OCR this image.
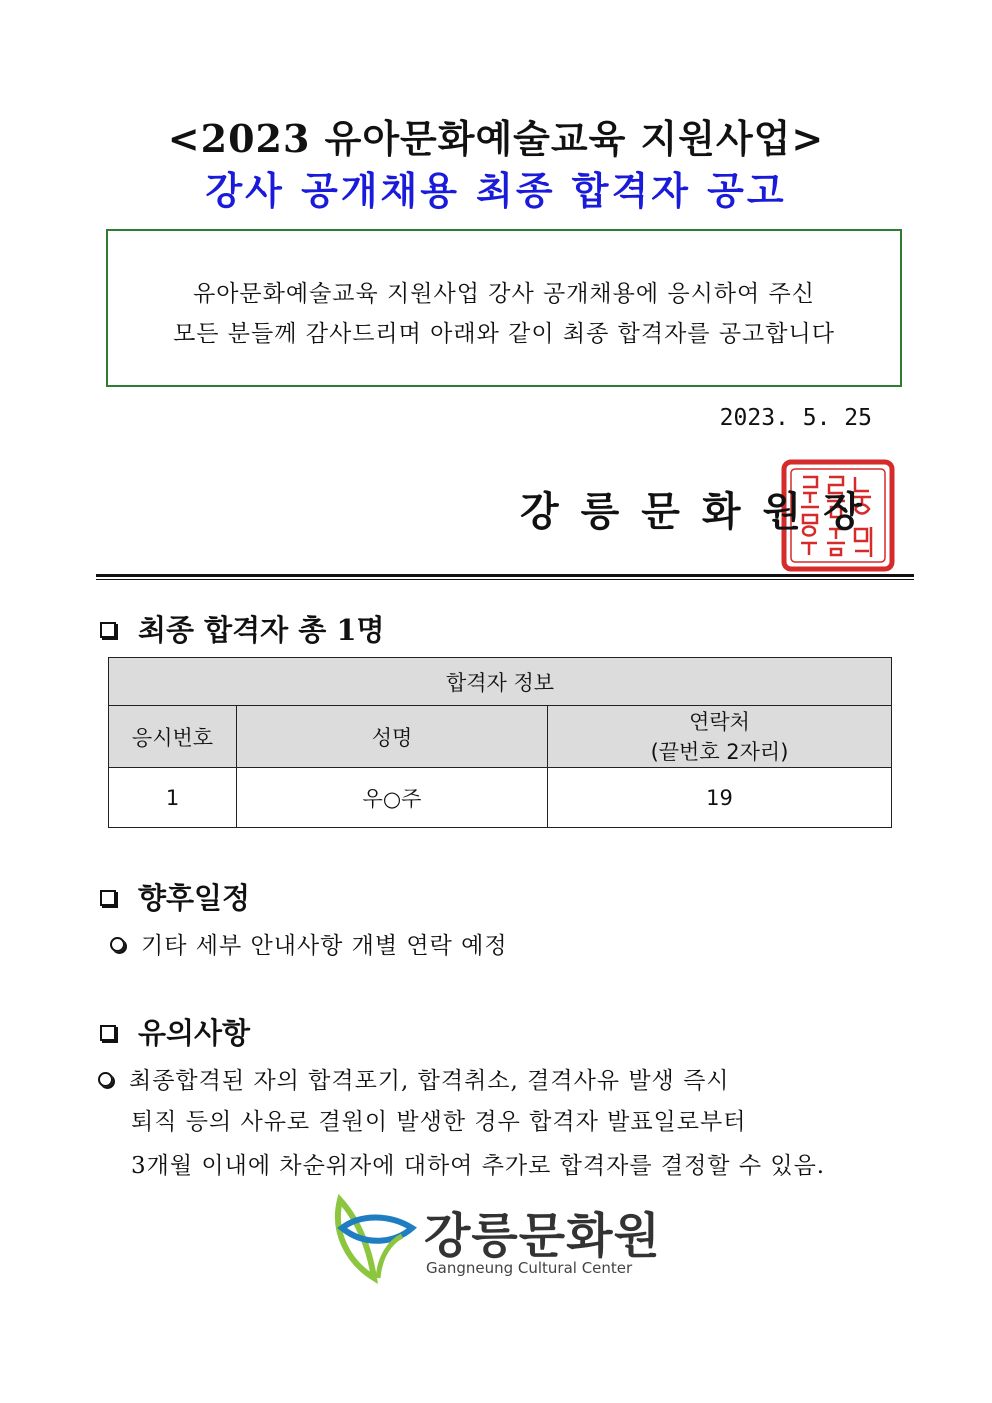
<2023 유아문화예술교육 지원사업>
강사 공개채용 최종 합격자 공고
유아문화예술교육 지원사업 강사 공개채용에 응시하여 주신
모든 분들께 감사드리며 아래와 같이 최종 합격자를 공고합니다
2023. 5. 25
강릉문화원장
최종 합격자 총 1명
합격자 정보		
응시번호	성명	연락처
(끝번호 2자리)

1	우○주	19
향후일정
기타 세부 안내사항 개별 연락 예정
유의사항
최종합격된 자의 합격포기, 합격취소, 결격사유 발생 즉시
퇴직 등의 사유로 결원이 발생한 경우 합격자 발표일로부터
3개월 이내에 차순위자에 대하여 추가로 합격자를 결정할 수 있음.
강릉문화원
Gangneung Cultural Center
